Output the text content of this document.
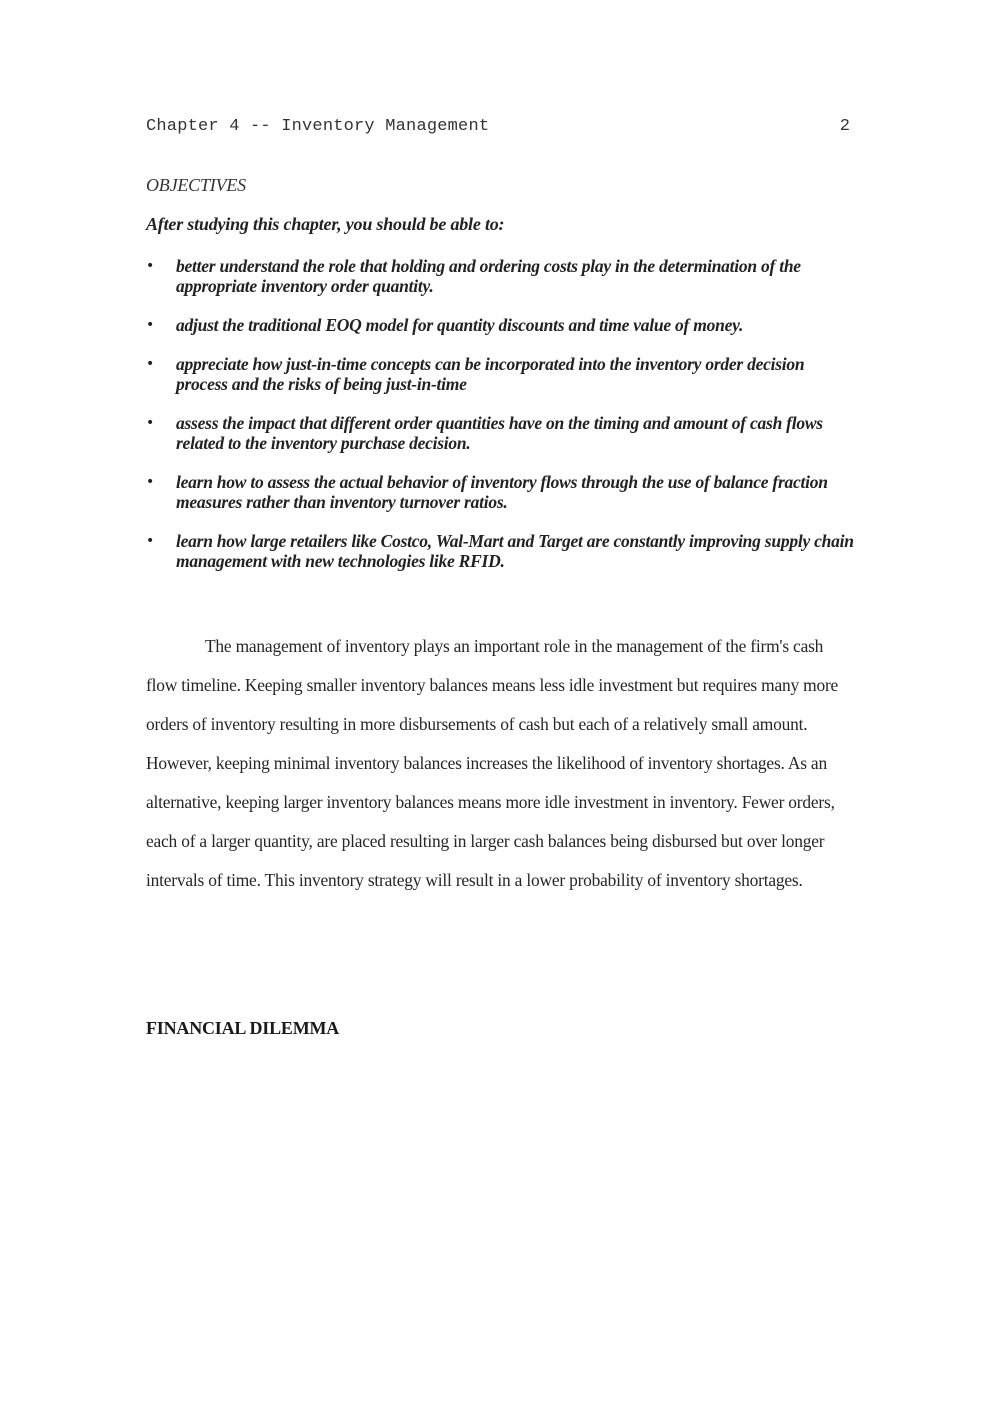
Chapter 4 -- Inventory Management	2
OBJECTIVES
After studying this chapter, you should be able to:
• better understand the role that holding and ordering costs play in the determination of the appropriate inventory order quantity.
• adjust the traditional EOQ model for quantity discounts and time value of money.
• appreciate how just-in-time concepts can be incorporated into the inventory order decision process and the risks of being just-in-time
• assess the impact that different order quantities have on the timing and amount of cash flows related to the inventory purchase decision.
• learn how to assess the actual behavior of inventory flows through the use of balance fraction measures rather than inventory turnover ratios.
• learn how large retailers like Costco, Wal-Mart and Target are constantly improving supply chain management with new technologies like RFID.

The management of inventory plays an important role in the management of the firm's cash flow timeline. Keeping smaller inventory balances means less idle investment but requires many more orders of inventory resulting in more disbursements of cash but each of a relatively small amount. However, keeping minimal inventory balances increases the likelihood of inventory shortages. As an alternative, keeping larger inventory balances means more idle investment in inventory. Fewer orders, each of a larger quantity, are placed resulting in larger cash balances being disbursed but over longer intervals of time. This inventory strategy will result in a lower probability of inventory shortages.

FINANCIAL DILEMMA
